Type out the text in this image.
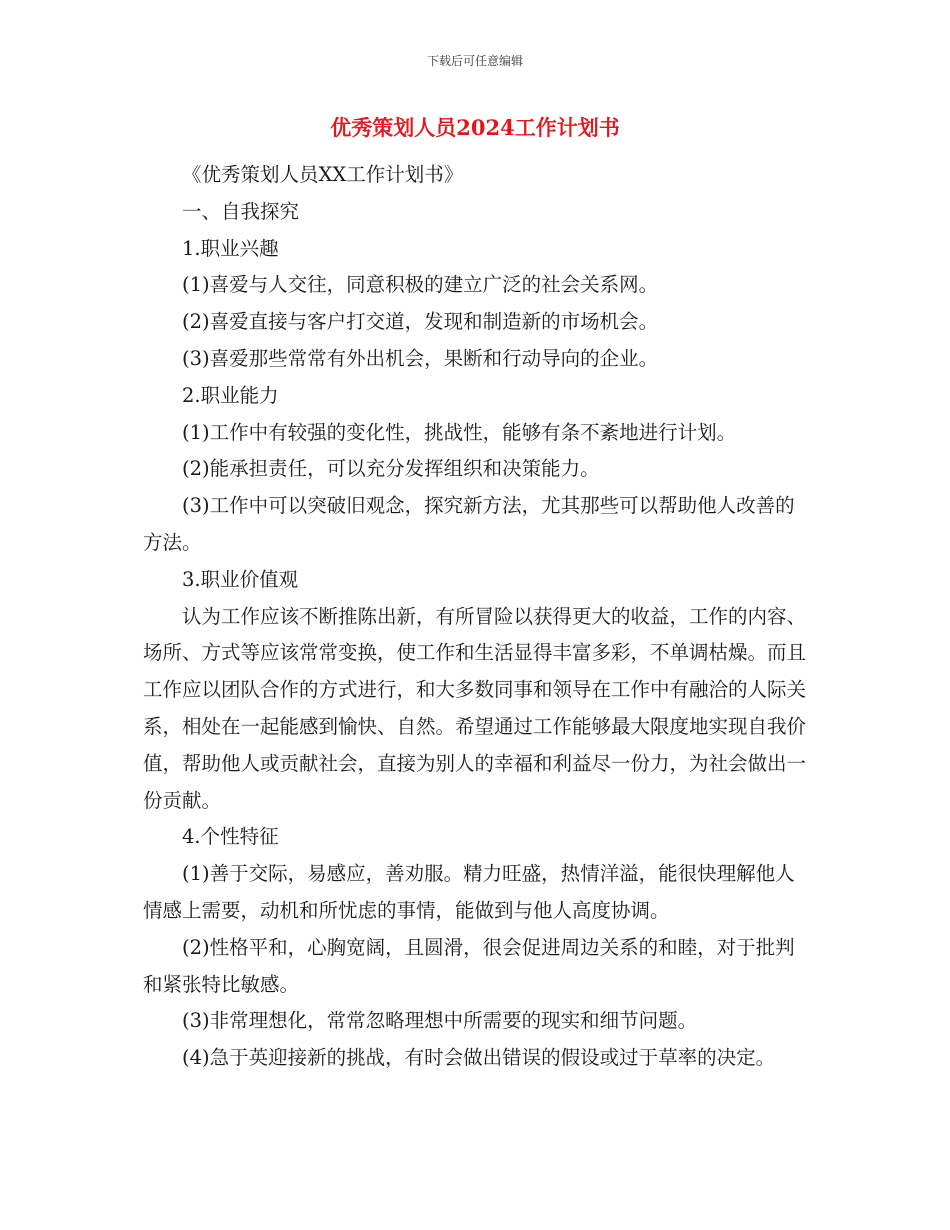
下载后可任意编辑
优秀策划人员2024工作计划书

《优秀策划人员XX工作计划书》

一、自我探究

1.职业兴趣

(1)喜爱与人交往，同意积极的建立广泛的社会关系网。

(2)喜爱直接与客户打交道，发现和制造新的市场机会。

(3)喜爱那些常常有外出机会，果断和行动导向的企业。

2.职业能力

(1)工作中有较强的变化性，挑战性，能够有条不紊地进行计划。

(2)能承担责任，可以充分发挥组织和决策能力。

(3)工作中可以突破旧观念，探究新方法，尤其那些可以帮助他人改善的方法。

3.职业价值观

认为工作应该不断推陈出新，有所冒险以获得更大的收益，工作的内容、场所、方式等应该常常变换，使工作和生活显得丰富多彩，不单调枯燥。而且工作应以团队合作的方式进行，和大多数同事和领导在工作中有融洽的人际关系，相处在一起能感到愉快、自然。希望通过工作能够最大限度地实现自我价值，帮助他人或贡献社会，直接为别人的幸福和利益尽一份力，为社会做出一份贡献。

4.个性特征

(1)善于交际，易感应，善劝服。精力旺盛，热情洋溢，能很快理解他人情感上需要，动机和所忧虑的事情，能做到与他人高度协调。

(2)性格平和，心胸宽阔，且圆滑，很会促进周边关系的和睦，对于批判和紧张特比敏感。

(3)非常理想化，常常忽略理想中所需要的现实和细节问题。

(4)急于英迎接新的挑战，有时会做出错误的假设或过于草率的决定。
